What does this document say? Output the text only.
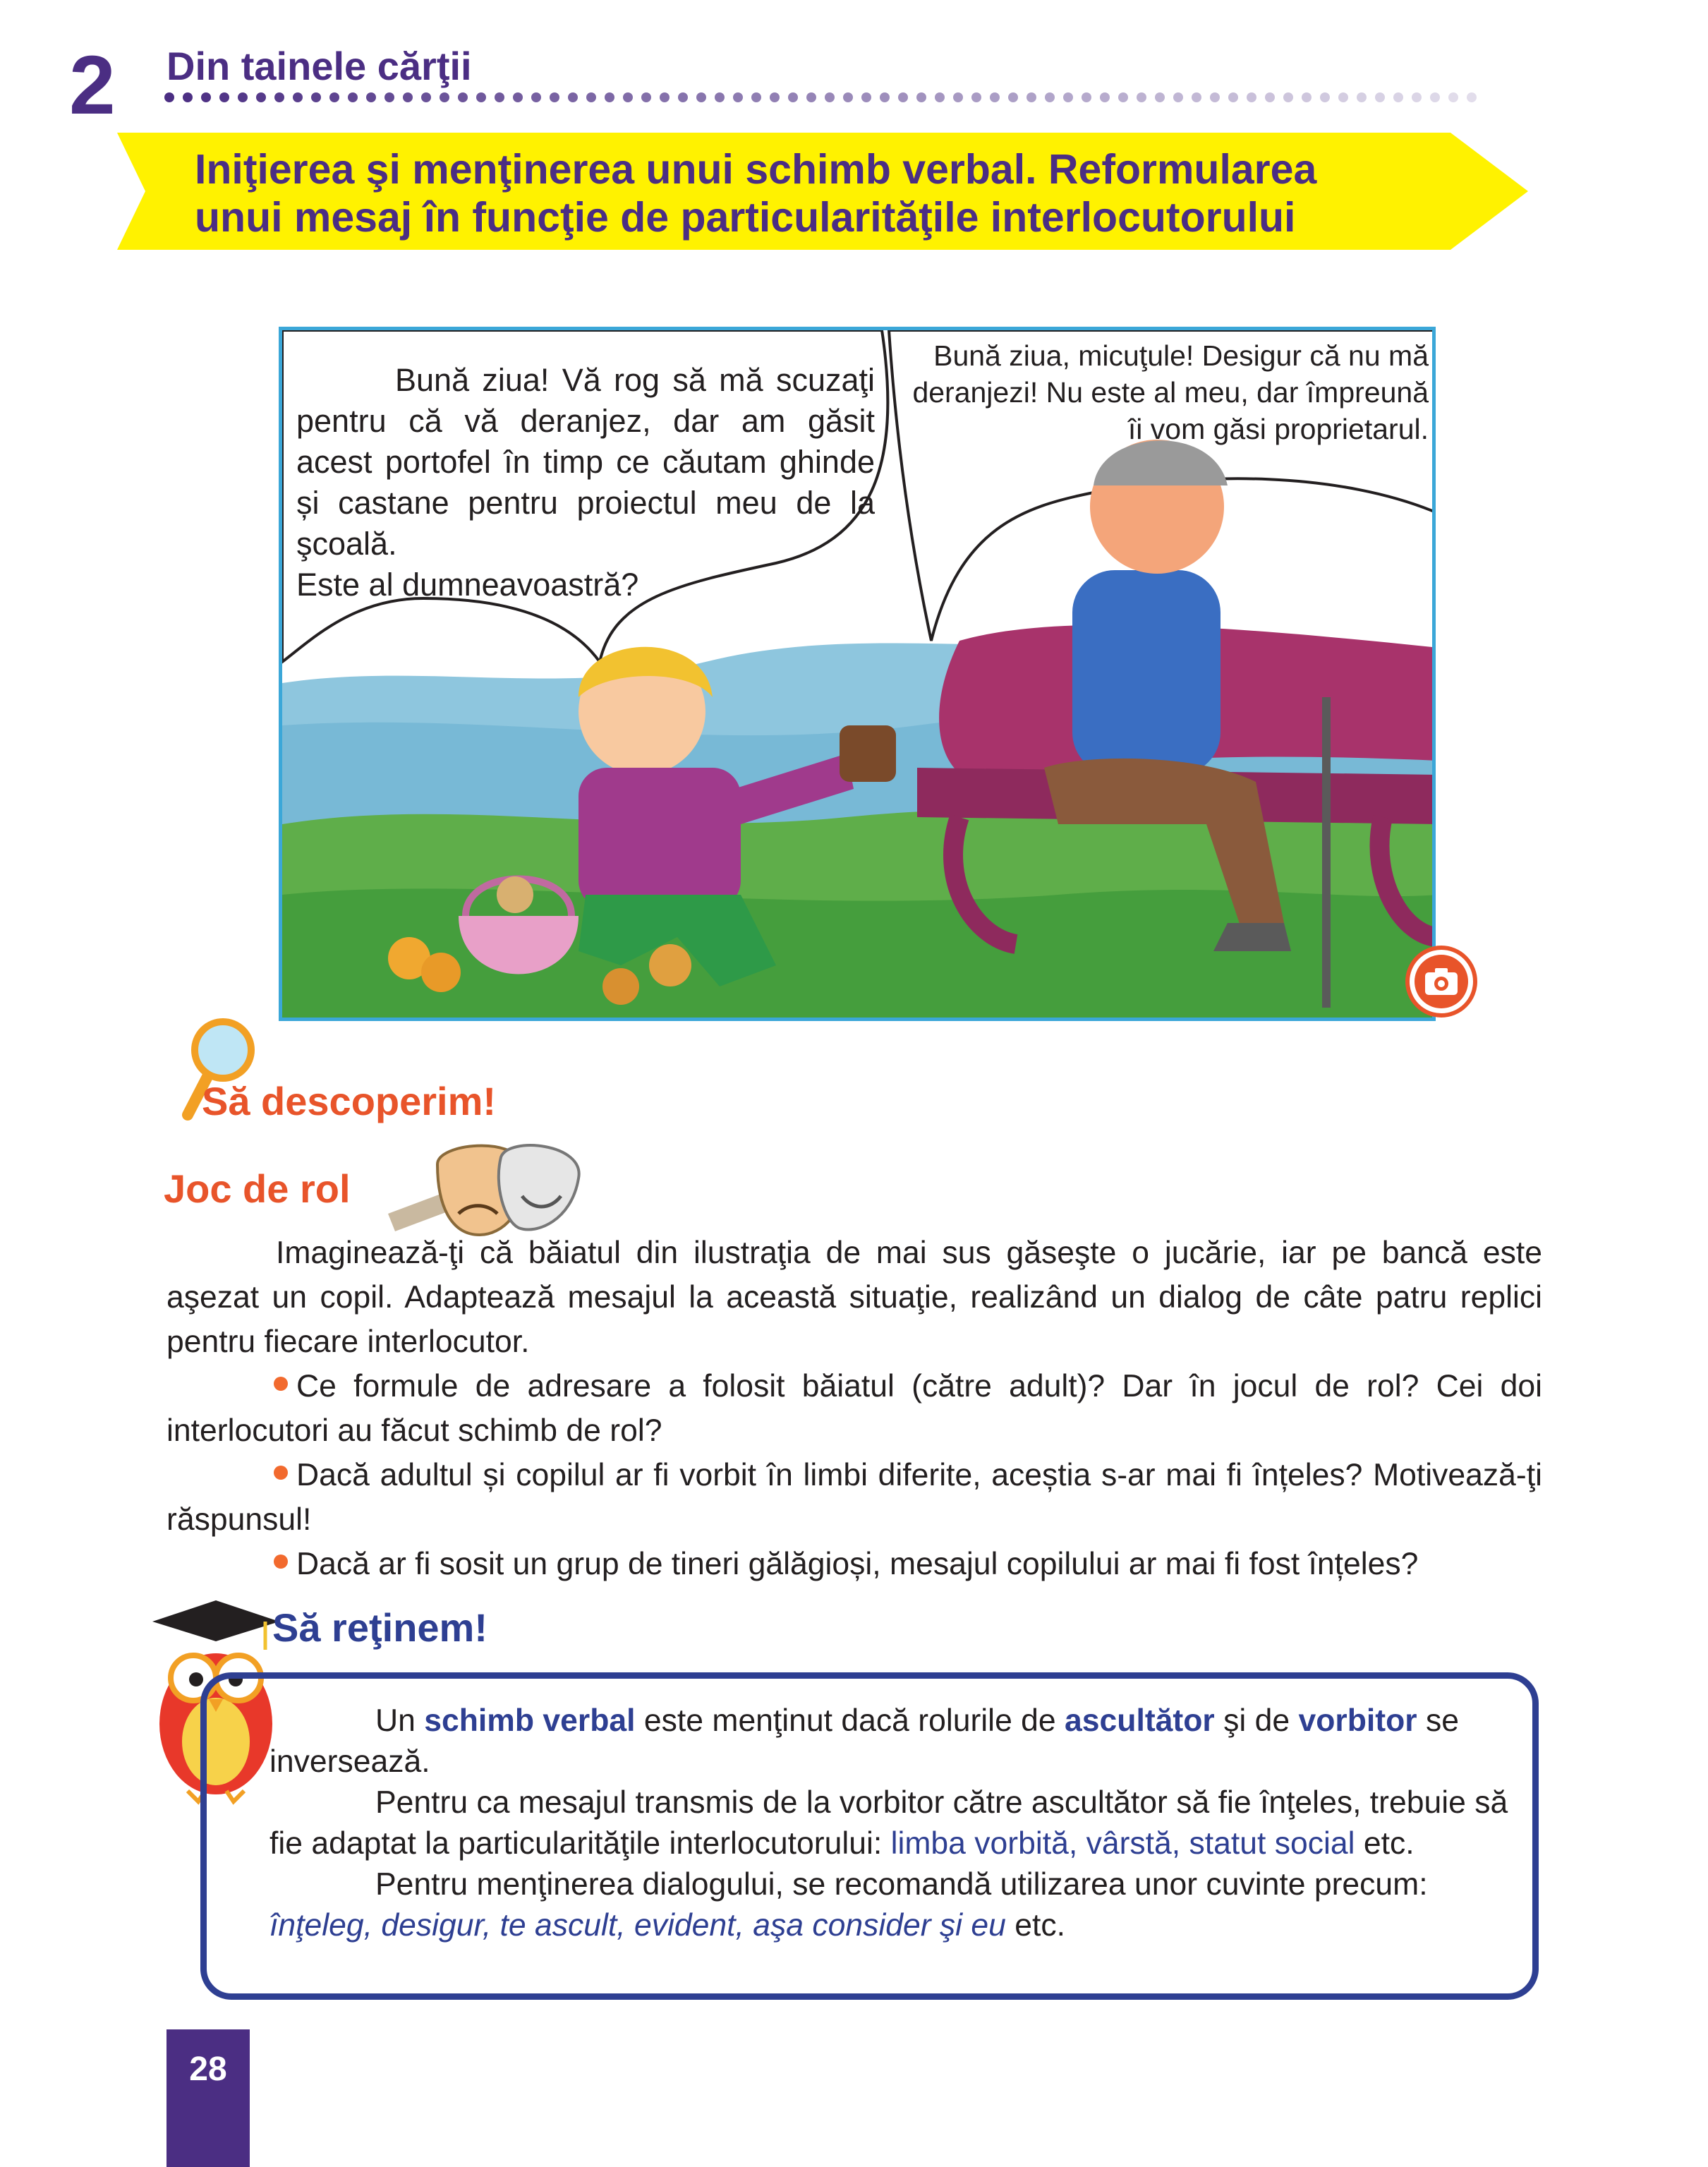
2 Din tainele cărţii
Iniţierea şi menţinerea unui schimb verbal. Reformularea
unui mesaj în funcţie de particularităţile interlocutorului
Bună ziua! Vă rog să mă scuzaţi pentru că vă deranjez, dar am găsit acest portofel în timp ce căutam ghinde și castane pentru proiectul meu de la şcoală.
Este al dumneavoastră?
Bună ziua, micuţule! Desigur că nu mă deranjezi! Nu este al meu, dar împreună îi vom găsi proprietarul.
Să descoperim!
Joc de rol
Imaginează-ţi că băiatul din ilustraţia de mai sus găseşte o jucărie, iar pe bancă este aşezat un copil. Adaptează mesajul la această situaţie, realizând un dialog de câte patru replici pentru fiecare interlocutor.
Ce formule de adresare a folosit băiatul (către adult)? Dar în jocul de rol? Cei doi interlocutori au făcut schimb de rol?
Dacă adultul și copilul ar fi vorbit în limbi diferite, aceștia s-ar mai fi înțeles? Motivează-ţi răspunsul!
Dacă ar fi sosit un grup de tineri gălăgioși, mesajul copilului ar mai fi fost înțeles?
Să reţinem!
Un schimb verbal este menţinut dacă rolurile de ascultător şi de vorbitor se inversează.
Pentru ca mesajul transmis de la vorbitor către ascultător să fie înţeles, trebuie să fie adaptat la particularităţile interlocutorului: limba vorbită, vârstă, statut social etc.
Pentru menţinerea dialogului, se recomandă utilizarea unor cuvinte precum: înţeleg, desigur, te ascult, evident, aşa consider şi eu etc.
28
